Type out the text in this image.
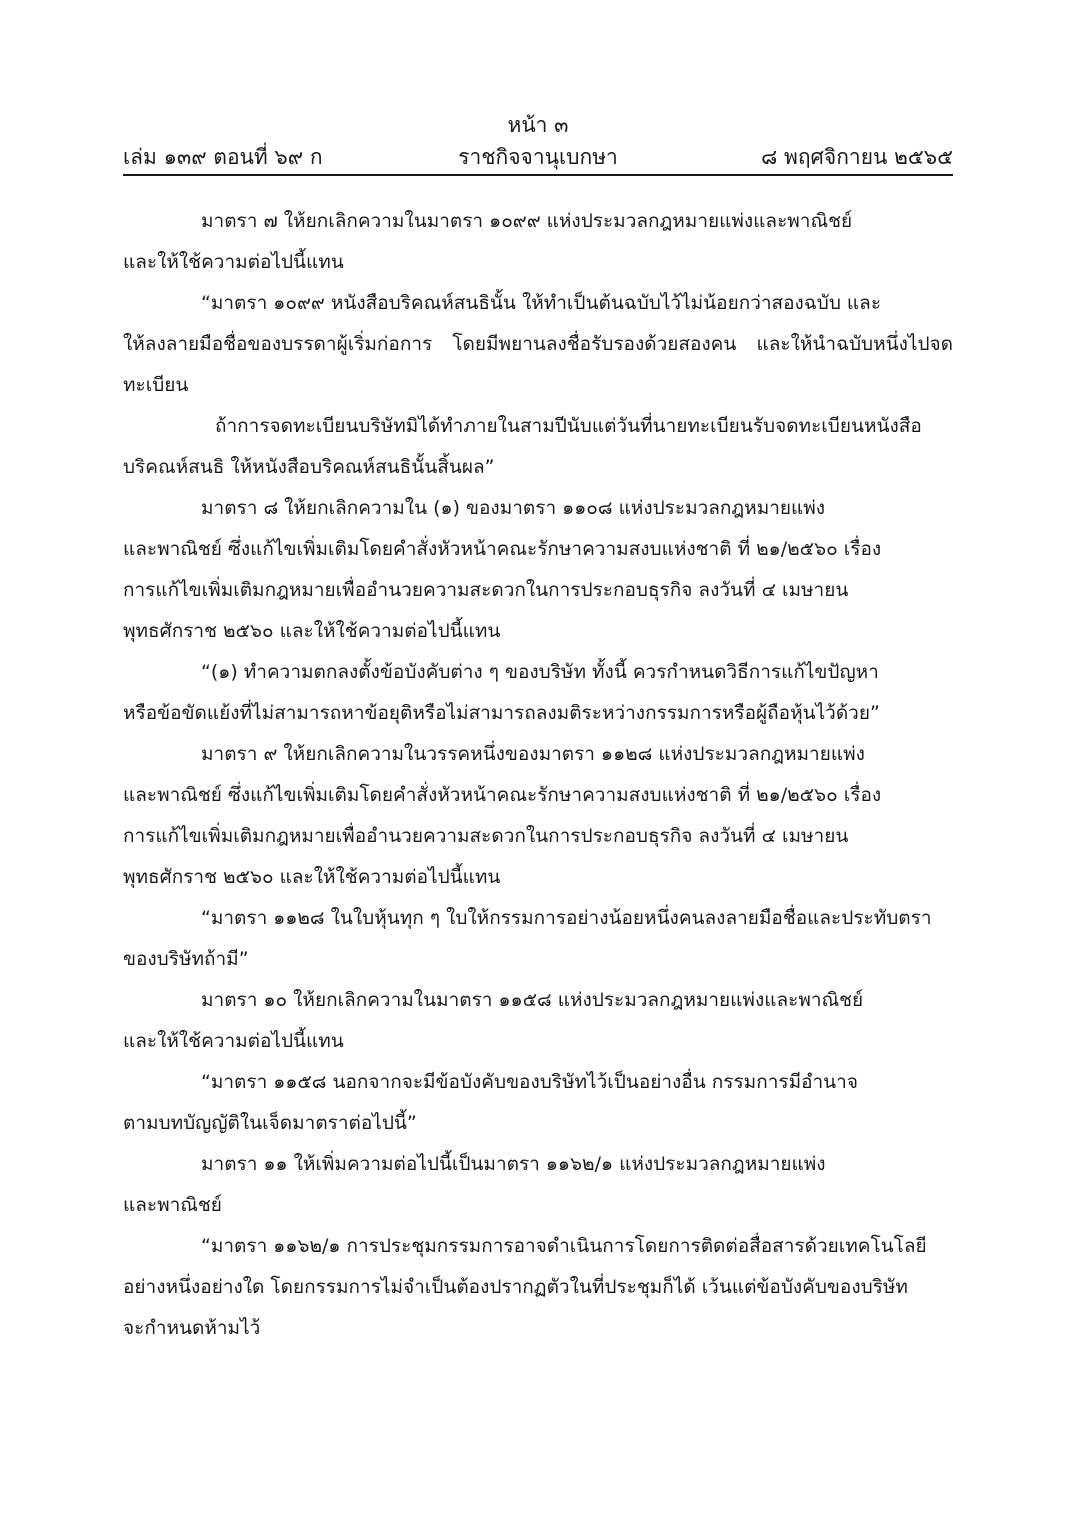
หน้า ๓
เล่ม ๑๓๙ ตอนที่ ๖๙ ก	ราชกิจจานุเบกษา	๘ พฤศจิกายน ๒๕๖๕

มาตรา ๗ ให้ยกเลิกความในมาตรา ๑๐๙๙ แห่งประมวลกฎหมายแพ่งและพาณิชย์
และให้ใช้ความต่อไปนี้แทน

“มาตรา ๑๐๙๙ หนังสือบริคณห์สนธินั้น ให้ทำเป็นต้นฉบับไว้ไม่น้อยกว่าสองฉบับ และ
ให้ลงลายมือชื่อของบรรดาผู้เริ่มก่อการ โดยมีพยานลงชื่อรับรองด้วยสองคน และให้นำฉบับหนึ่งไปจดทะเบียน

ถ้าการจดทะเบียนบริษัทมิได้ทำภายในสามปีนับแต่วันที่นายทะเบียนรับจดทะเบียนหนังสือ
บริคณห์สนธิ ให้หนังสือบริคณห์สนธินั้นสิ้นผล”

มาตรา ๘ ให้ยกเลิกความใน (๑) ของมาตรา ๑๑๐๘ แห่งประมวลกฎหมายแพ่ง
และพาณิชย์ ซึ่งแก้ไขเพิ่มเติมโดยคำสั่งหัวหน้าคณะรักษาความสงบแห่งชาติ ที่ ๒๑/๒๕๖๐ เรื่อง
การแก้ไขเพิ่มเติมกฎหมายเพื่ออำนวยความสะดวกในการประกอบธุรกิจ ลงวันที่ ๔ เมษายน
พุทธศักราช ๒๕๖๐ และให้ใช้ความต่อไปนี้แทน

“(๑) ทำความตกลงตั้งข้อบังคับต่าง ๆ ของบริษัท ทั้งนี้ ควรกำหนดวิธีการแก้ไขปัญหา
หรือข้อขัดแย้งที่ไม่สามารถหาข้อยุติหรือไม่สามารถลงมติระหว่างกรรมการหรือผู้ถือหุ้นไว้ด้วย”

มาตรา ๙ ให้ยกเลิกความในวรรคหนึ่งของมาตรา ๑๑๒๘ แห่งประมวลกฎหมายแพ่ง
และพาณิชย์ ซึ่งแก้ไขเพิ่มเติมโดยคำสั่งหัวหน้าคณะรักษาความสงบแห่งชาติ ที่ ๒๑/๒๕๖๐ เรื่อง
การแก้ไขเพิ่มเติมกฎหมายเพื่ออำนวยความสะดวกในการประกอบธุรกิจ ลงวันที่ ๔ เมษายน
พุทธศักราช ๒๕๖๐ และให้ใช้ความต่อไปนี้แทน

“มาตรา ๑๑๒๘ ในใบหุ้นทุก ๆ ใบให้กรรมการอย่างน้อยหนึ่งคนลงลายมือชื่อและประทับตรา
ของบริษัทถ้ามี”

มาตรา ๑๐ ให้ยกเลิกความในมาตรา ๑๑๕๘ แห่งประมวลกฎหมายแพ่งและพาณิชย์
และให้ใช้ความต่อไปนี้แทน

“มาตรา ๑๑๕๘ นอกจากจะมีข้อบังคับของบริษัทไว้เป็นอย่างอื่น กรรมการมีอำนาจ
ตามบทบัญญัติในเจ็ดมาตราต่อไปนี้”

มาตรา ๑๑ ให้เพิ่มความต่อไปนี้เป็นมาตรา ๑๑๖๒/๑ แห่งประมวลกฎหมายแพ่ง
และพาณิชย์

“มาตรา ๑๑๖๒/๑ การประชุมกรรมการอาจดำเนินการโดยการติดต่อสื่อสารด้วยเทคโนโลยี
อย่างหนึ่งอย่างใด โดยกรรมการไม่จำเป็นต้องปรากฏตัวในที่ประชุมก็ได้ เว้นแต่ข้อบังคับของบริษัท
จะกำหนดห้ามไว้
